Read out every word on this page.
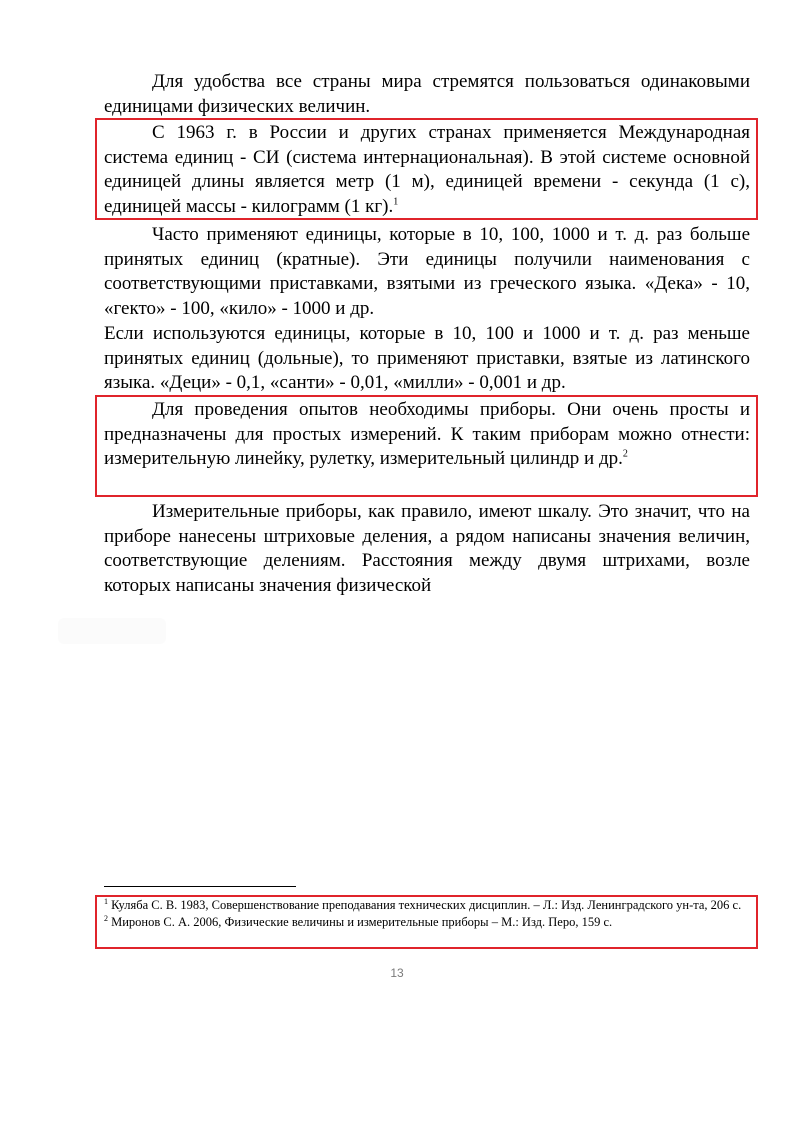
Для удобства все страны мира стремятся пользоваться одинаковыми единицами физических величин.

С 1963 г. в России и других странах применяется Международная система единиц - СИ (система интернациональная). В этой системе основной единицей длины является метр (1 м), единицей времени - секунда (1 с), единицей массы - килограмм (1 кг).$^1$

Часто применяют единицы, которые в 10, 100, 1000 и т. д. раз больше принятых единиц (кратные). Эти единицы получили наименования с соответствующими приставками, взятыми из греческого языка. «Дека» - 10, «гекто» - 100, «кило» - 1000 и др.

Если используются единицы, которые в 10, 100 и 1000 и т. д. раз меньше принятых единиц (дольные), то применяют приставки, взятые из латинского языка. «Деци» - 0,1, «санти» - 0,01, «милли» - 0,001 и др.

Для проведения опытов необходимы приборы. Они очень просты и предназначены для простых измерений. К таким приборам можно отнести: измерительную линейку, рулетку, измерительный цилиндр и др.$^2$

Измерительные приборы, как правило, имеют шкалу. Это значит, что на приборе нанесены штриховые деления, а рядом написаны значения величин, соответствующие делениям. Расстояния между двумя штрихами, возле которых написаны значения физической

$^1$ Куляба С. В. 1983, Совершенствование преподавания технических дисциплин. – Л.: Изд. Ленинградского ун-та, 206 с.

$^2$ Миронов С. А. 2006, Физические величины и измерительные приборы – М.: Изд. Перо, 159 с.

13
